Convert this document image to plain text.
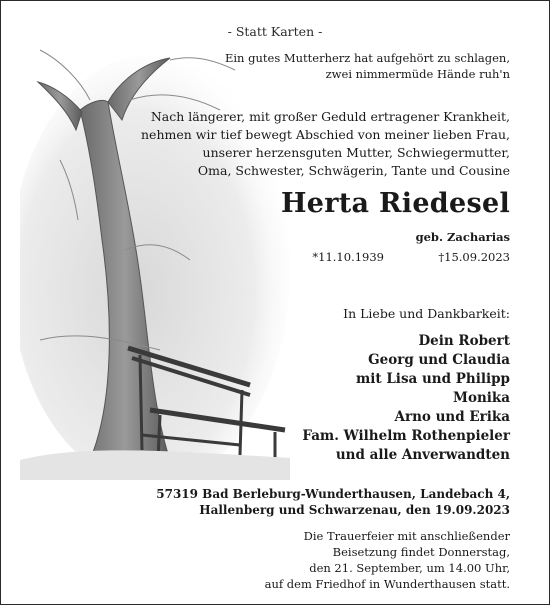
- Statt Karten -
Ein gutes Mutterherz hat aufgehört zu schlagen,
zwei nimmermüde Hände ruh'n
Nach längerer, mit großer Geduld ertragener Krankheit,
nehmen wir tief bewegt Abschied von meiner lieben Frau,
unserer herzensguten Mutter, Schwiegermutter,
Oma, Schwester, Schwägerin, Tante und Cousine
Herta Riedesel
geb. Zacharias
*11.10.1939	†15.09.2023
In Liebe und Dankbarkeit:
Dein Robert
Georg und Claudia
mit Lisa und Philipp
Monika
Arno und Erika
Fam. Wilhelm Rothenpieler
und alle Anverwandten
57319 Bad Berleburg-Wunderthausen, Landebach 4,
Hallenberg und Schwarzenau, den 19.09.2023
Die Trauerfeier mit anschließender
Beisetzung findet Donnerstag,
den 21. September, um 14.00 Uhr,
auf dem Friedhof in Wunderthausen statt.
